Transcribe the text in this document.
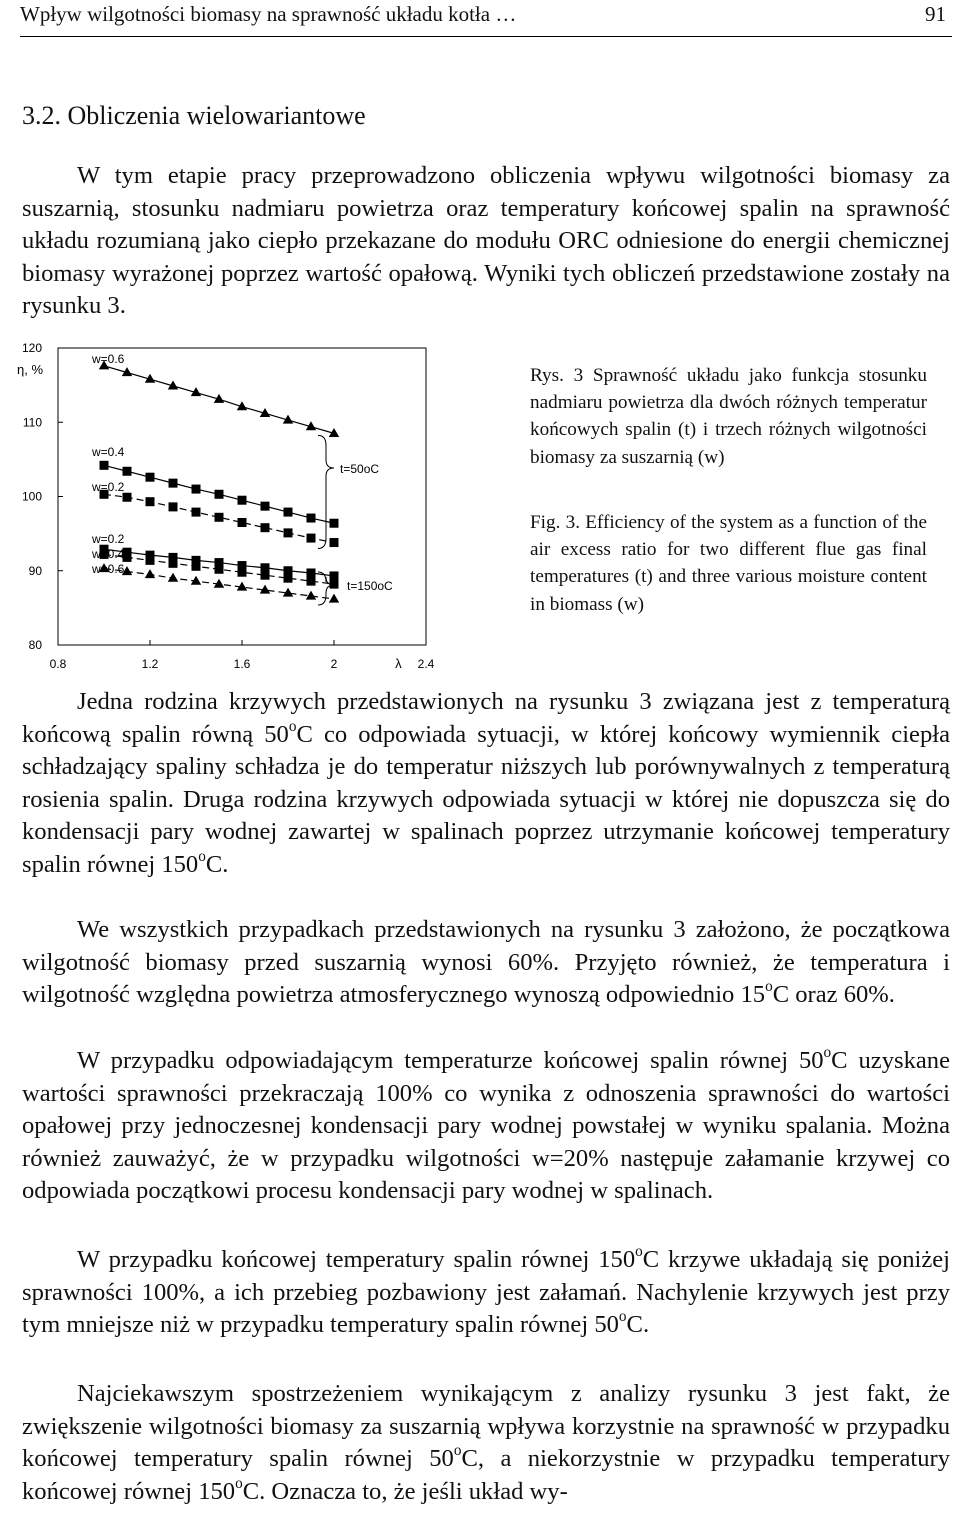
Wpływ wilgotności biomasy na sprawność układu kotła …	91
3.2. Obliczenia wielowariantowe

W tym etapie pracy przeprowadzono obliczenia wpływu wilgotności biomasy za suszarnią, stosunku nadmiaru powietrza oraz temperatury końcowej spalin na sprawność układu rozumianą jako ciepło przekazane do modułu ORC odniesione do energii chemicznej biomasy wyrażonej poprzez wartość opałową. Wyniki tych obliczeń przedstawione zostały na rysunku 3.

80
90
100
110
120
0.8	1.2	1.6	2	2.4
η, %
λ
w=0.6
w=0.4
w=0.2
w=0.2
w=0.4
w=0.6
t=50oC
t=150oC

Rys. 3 Sprawność układu jako funkcja stosunku nadmiaru powietrza dla dwóch różnych temperatur końcowych spalin (t) i trzech różnych wilgotności biomasy za suszarnią (w)

Fig. 3. Efficiency of the system as a function of the air excess ratio for two different flue gas final temperatures (t) and three various moisture content in biomass (w)

Jedna rodzina krzywych przedstawionych na rysunku 3 związana jest z temperaturą końcową spalin równą 50$^o$C co odpowiada sytuacji, w której końcowy wymiennik ciepła schładzający spaliny schładza je do temperatur niższych lub porównywalnych z temperaturą rosienia spalin. Druga rodzina krzywych odpowiada sytuacji w której nie dopuszcza się do kondensacji pary wodnej zawartej w spalinach poprzez utrzymanie końcowej temperatury spalin równej 150$^o$C.

We wszystkich przypadkach przedstawionych na rysunku 3 założono, że początkowa wilgotność biomasy przed suszarnią wynosi 60%. Przyjęto również, że temperatura i wilgotność względna powietrza atmosferycznego wynoszą odpowiednio 15$^o$C oraz 60%.

W przypadku odpowiadającym temperaturze końcowej spalin równej 50$^o$C uzyskane wartości sprawności przekraczają 100% co wynika z odnoszenia sprawności do wartości opałowej przy jednoczesnej kondensacji pary wodnej powstałej w wyniku spalania. Można również zauważyć, że w przypadku wilgotności w=20% następuje załamanie krzywej co odpowiada początkowi procesu kondensacji pary wodnej w spalinach.

W przypadku końcowej temperatury spalin równej 150$^o$C krzywe układają się poniżej sprawności 100%, a ich przebieg pozbawiony jest załamań. Nachylenie krzywych jest przy tym mniejsze niż w przypadku temperatury spalin równej 50$^o$C.

Najciekawszym spostrzeżeniem wynikającym z analizy rysunku 3 jest fakt, że zwiększenie wilgotności biomasy za suszarnią wpływa korzystnie na sprawność w przypadku końcowej temperatury spalin równej 50$^o$C, a niekorzystnie w przypadku temperatury końcowej równej 150$^o$C. Oznacza to, że jeśli układ wy-
